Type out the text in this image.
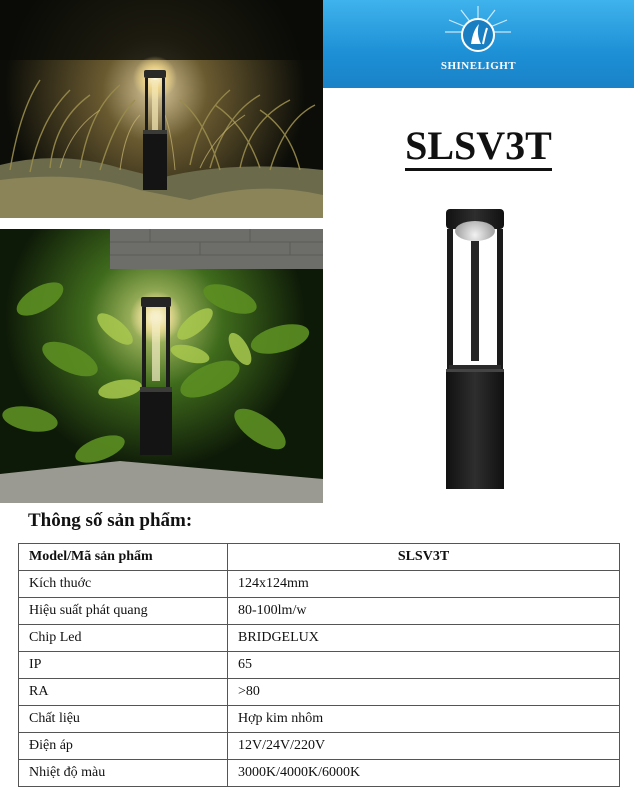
SHINELIGHT
SLSV3T
Thông số sản phẩm:
Model/Mã sản phẩm	SLSV3T
Kích thuớc	124x124mm
Hiệu suất phát quang	80-100lm/w
Chip Led	BRIDGELUX
IP	65
RA	>80
Chất liệu	Hợp kim nhôm
Điện áp	12V/24V/220V
Nhiệt độ màu	3000K/4000K/6000K
